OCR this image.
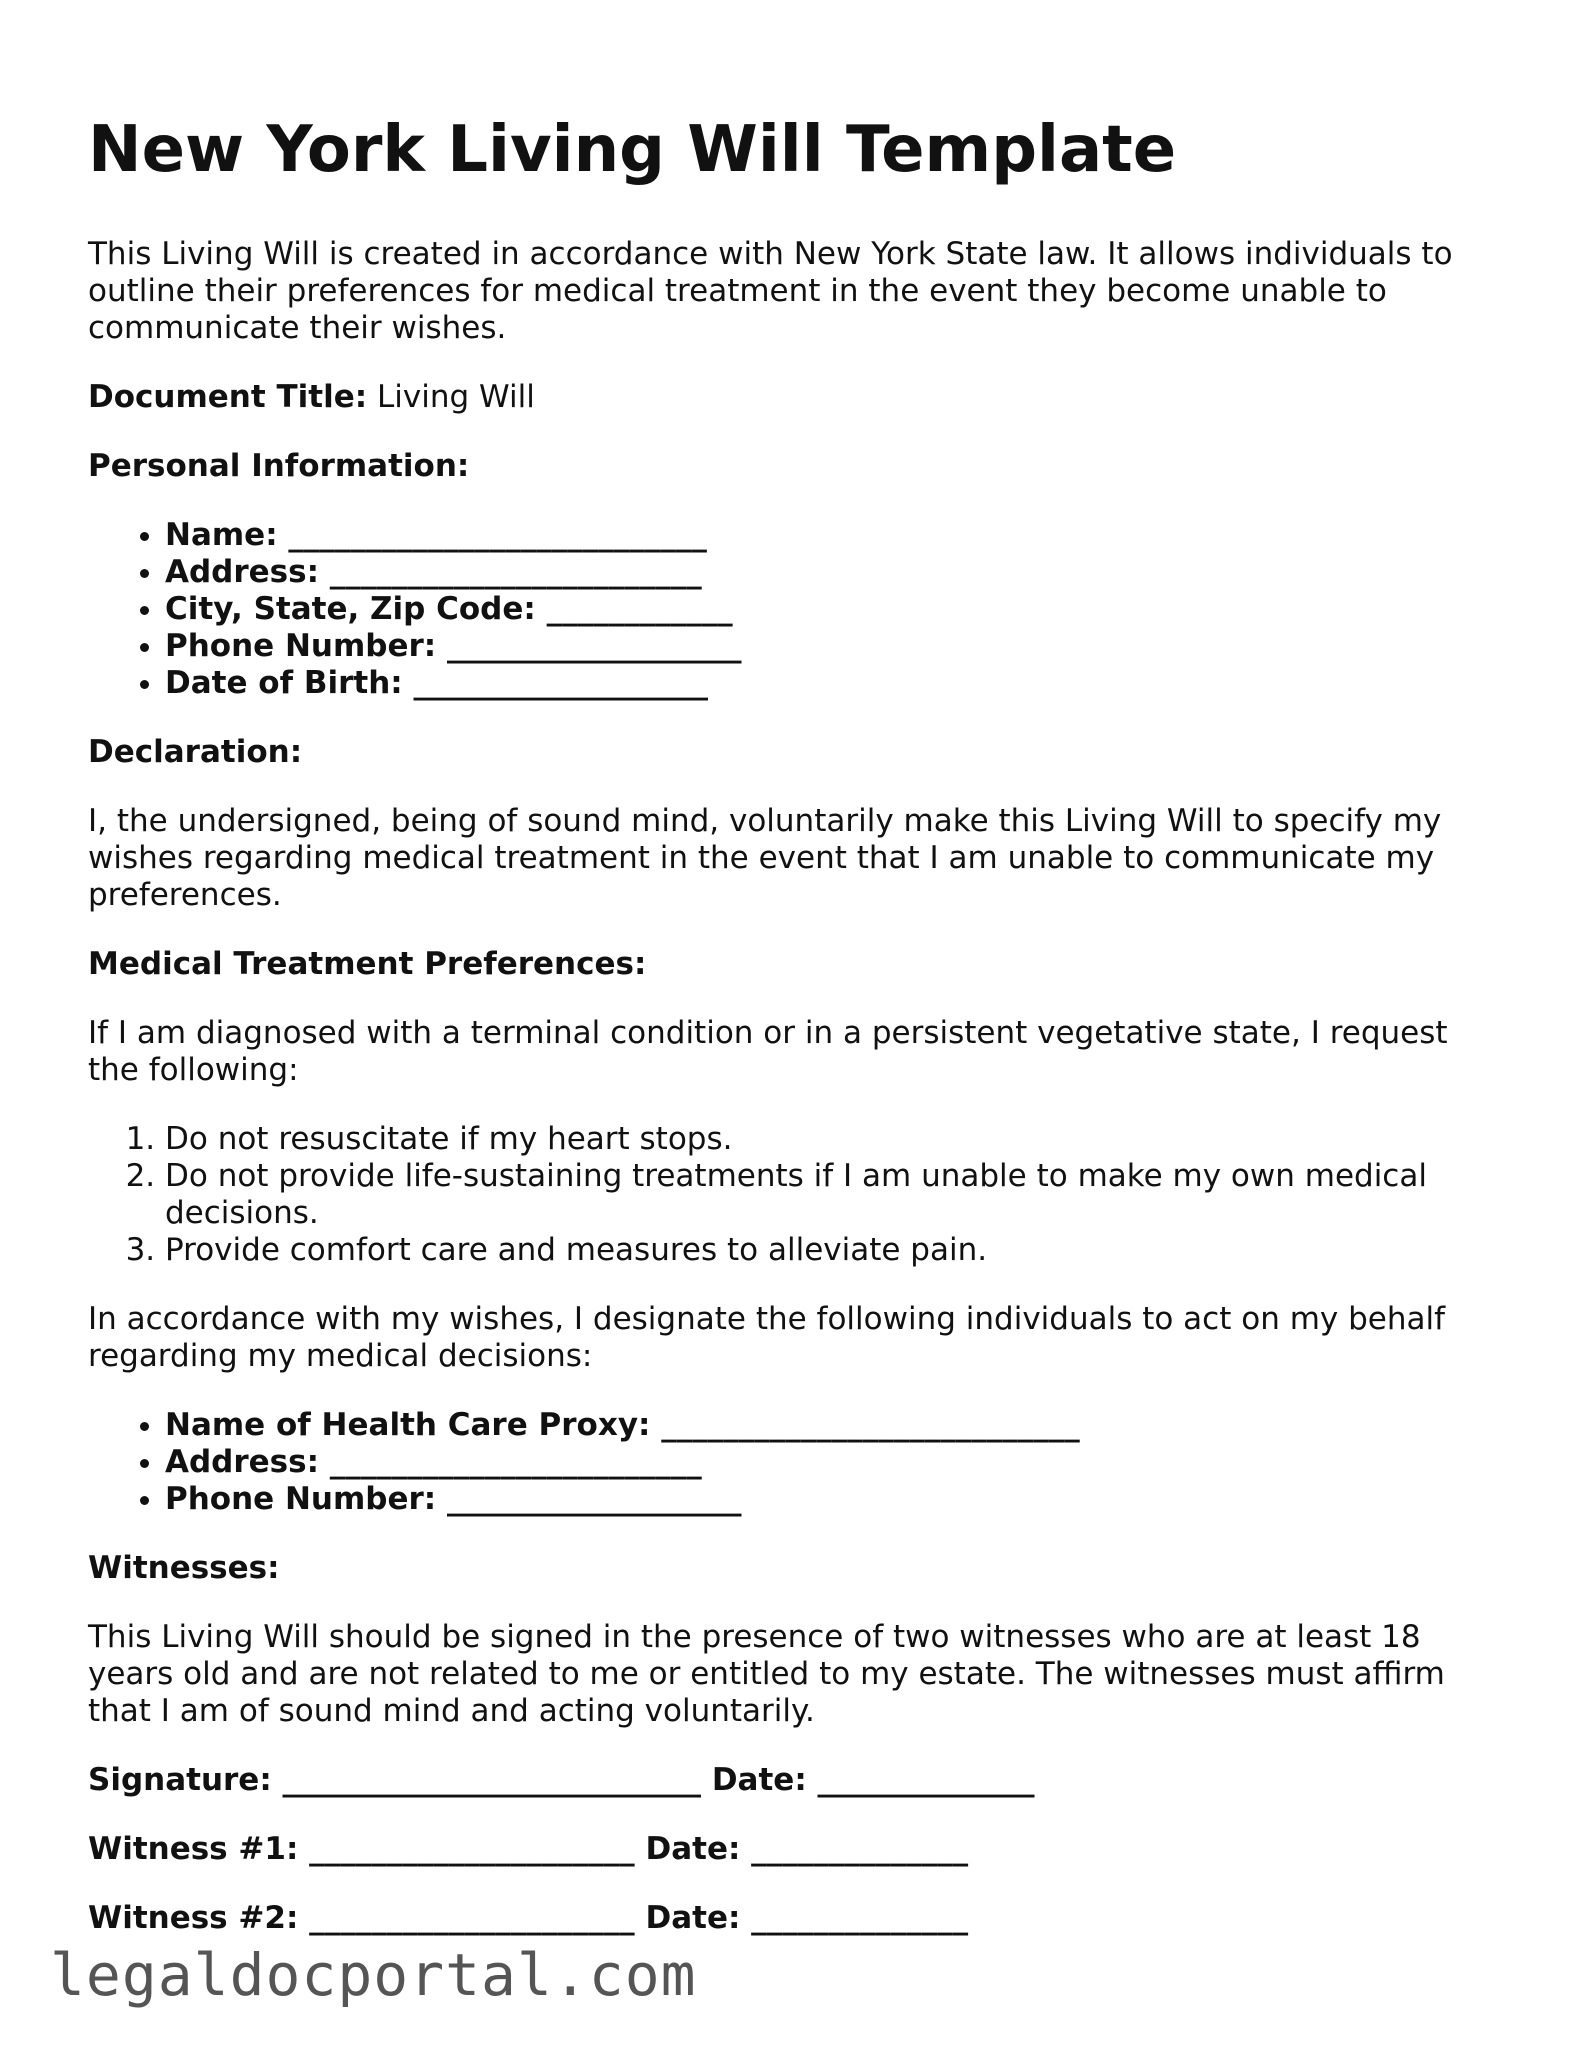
New York Living Will Template

This Living Will is created in accordance with New York State law. It allows individuals to outline their preferences for medical treatment in the event they become unable to communicate their wishes.

Document Title: Living Will

Personal Information:

• Name: ___________________________
• Address: ________________________
• City, State, Zip Code: ____________
• Phone Number: ___________________
• Date of Birth: ___________________

Declaration:

I, the undersigned, being of sound mind, voluntarily make this Living Will to specify my wishes regarding medical treatment in the event that I am unable to communicate my preferences.

Medical Treatment Preferences:

If I am diagnosed with a terminal condition or in a persistent vegetative state, I request the following:

1. Do not resuscitate if my heart stops.
2. Do not provide life-sustaining treatments if I am unable to make my own medical decisions.
3. Provide comfort care and measures to alleviate pain.

In accordance with my wishes, I designate the following individuals to act on my behalf regarding my medical decisions:

• Name of Health Care Proxy: ___________________________
• Address: ________________________
• Phone Number: ___________________

Witnesses:

This Living Will should be signed in the presence of two witnesses who are at least 18 years old and are not related to me or entitled to my estate. The witnesses must affirm that I am of sound mind and acting voluntarily.

Signature: ___________________________ Date: ______________

Witness #1: _____________________ Date: ______________

Witness #2: _____________________ Date: ______________

legaldocportal.com
